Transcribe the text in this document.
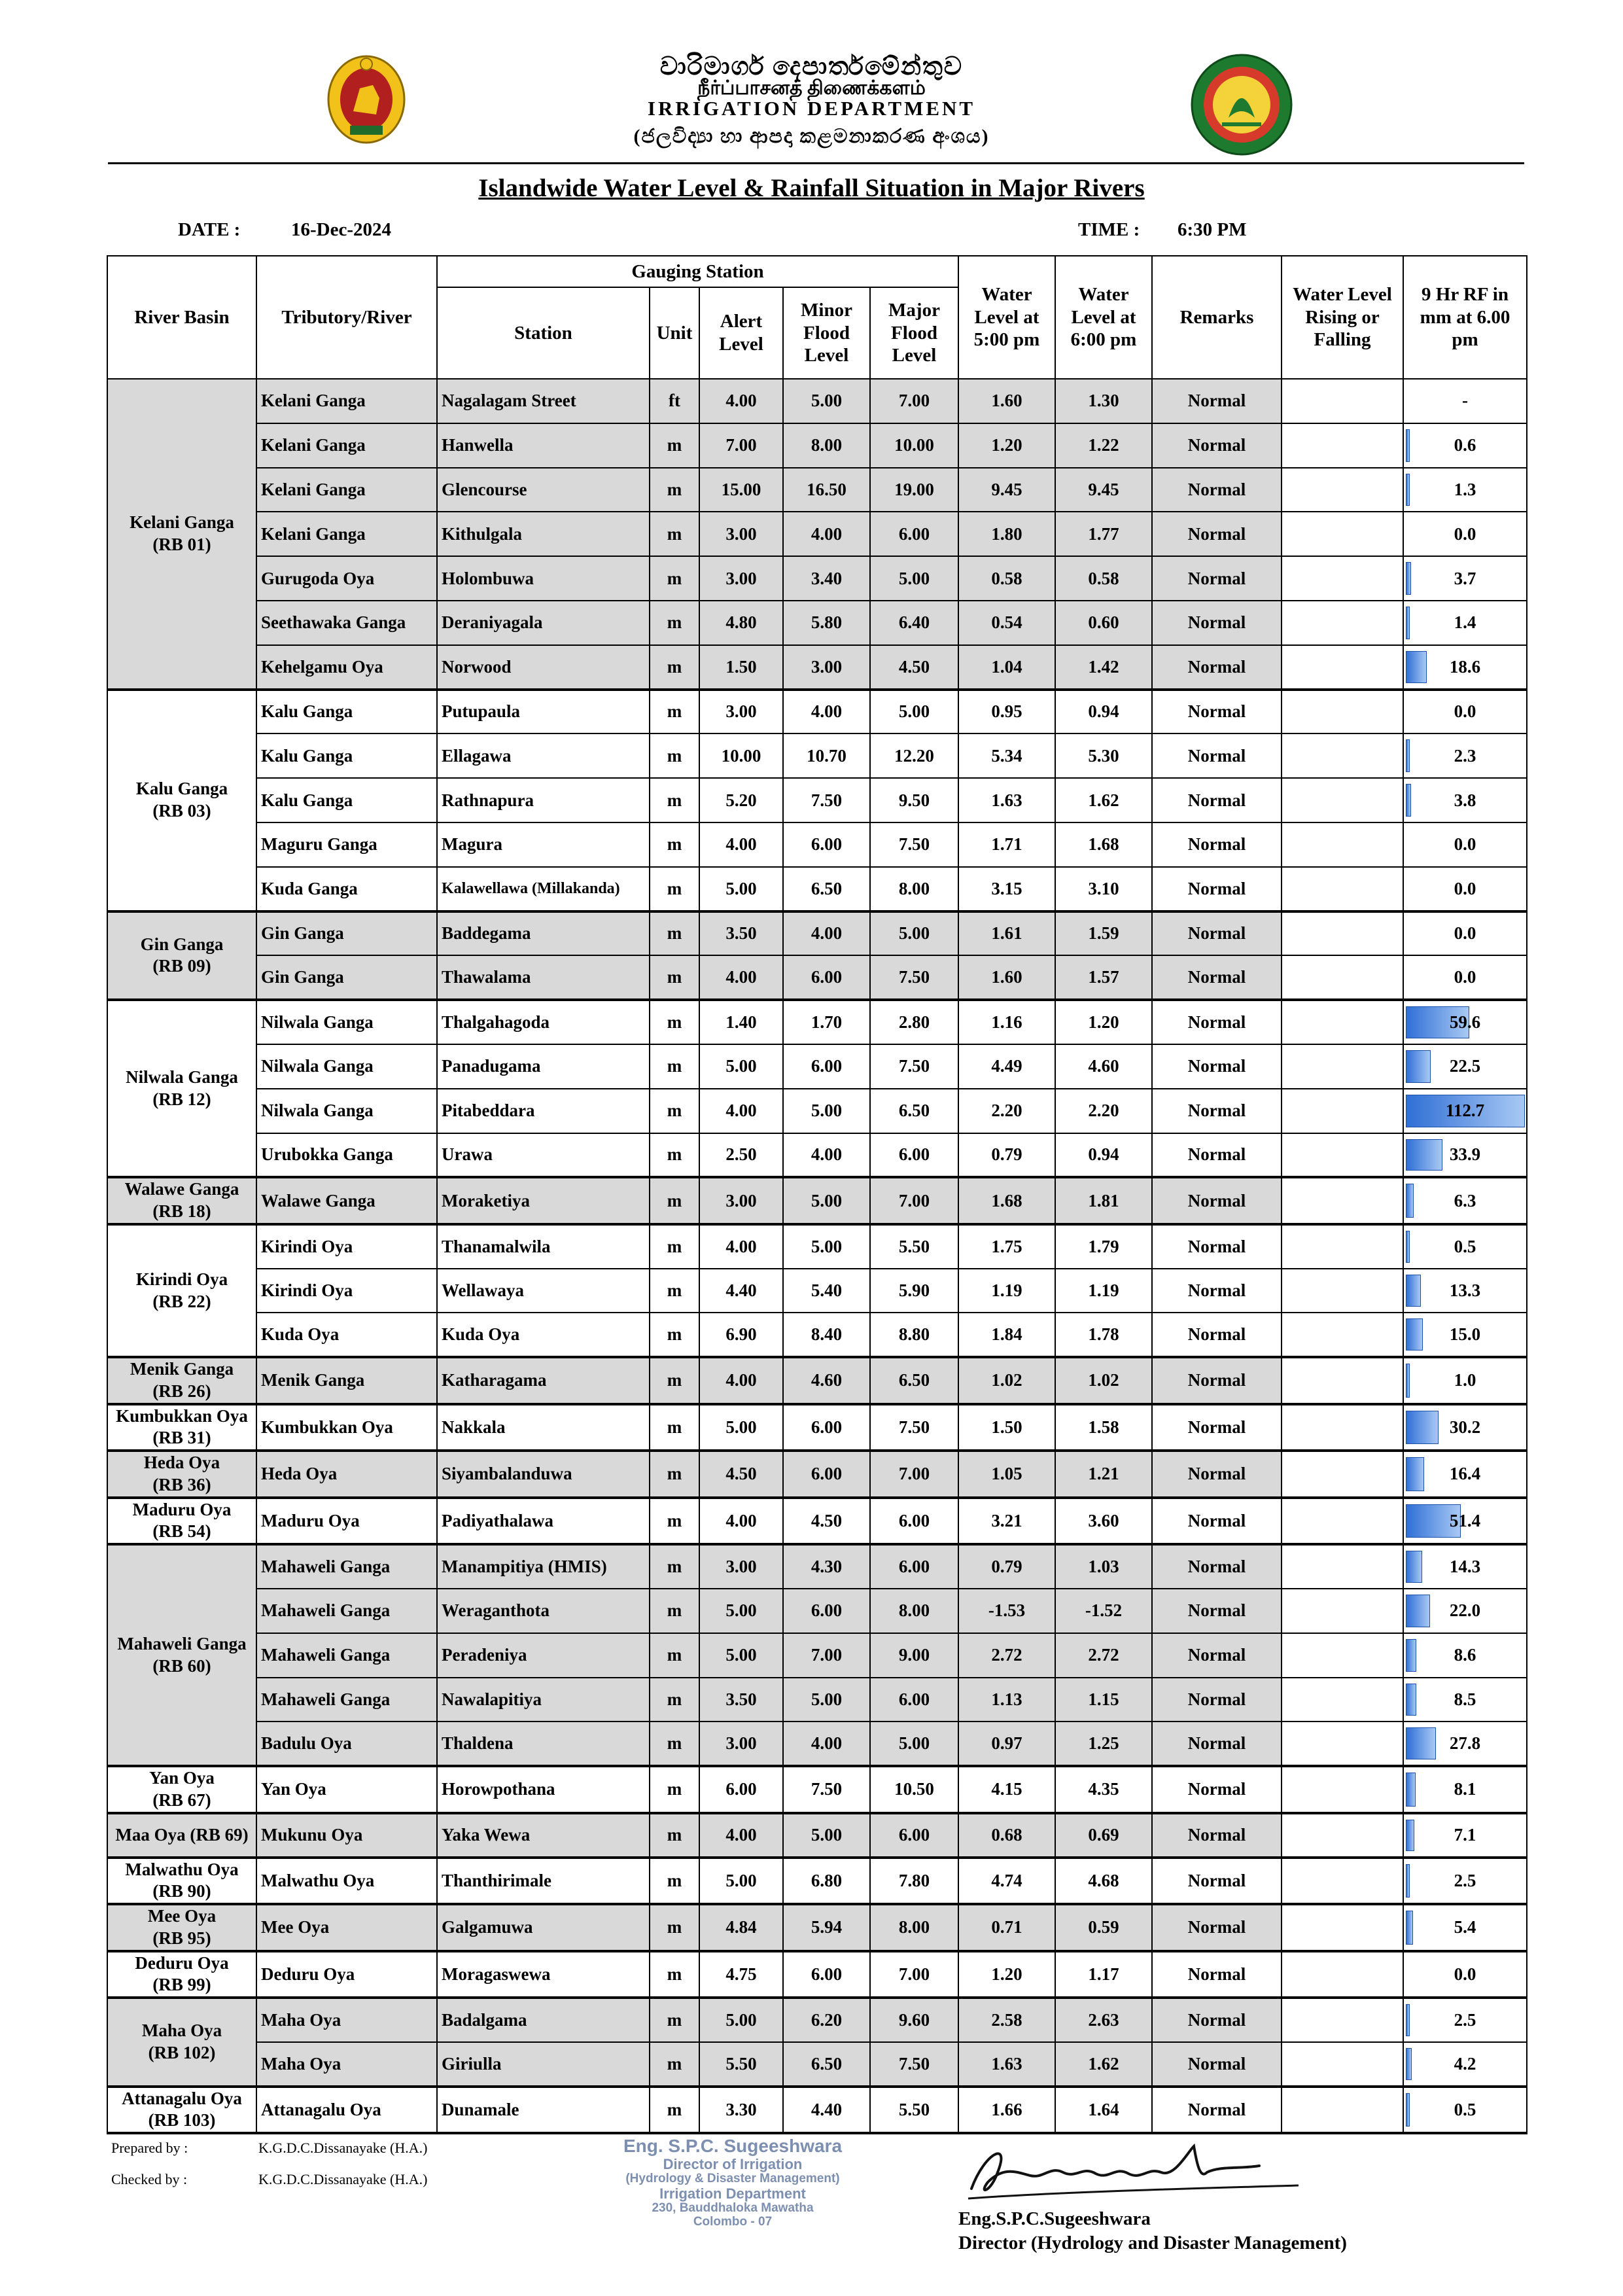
වාරිමාර්ග දෙපාර්තමේන්තුව
நீர்ப்பாசனத் திணைக்களம்
IRRIGATION DEPARTMENT
(ජලවිද්‍යා හා ආපදා කළමනාකරණ අංශය)
Islandwide Water Level & Rainfall Situation in Major Rivers
DATE :	16-Dec-2024	TIME : 6:30 PM
River Basin	Tributory/River	Gauging Station					Water Level at 5:00 pm	Water Level at 6:00 pm	Remarks	Water Level Rising or Falling	9 Hr RF in mm at 6.00 pm
		Station	Unit	Alert Level	Minor Flood Level	Major Flood Level					

Kelani Ganga
(RB 01)	Kelani Ganga	Nagalagam Street	ft	4.00	5.00	7.00	1.60	1.30	Normal		-
	Kelani Ganga	Hanwella	m	7.00	8.00	10.00	1.20	1.22	Normal		0.6
	Kelani Ganga	Glencourse	m	15.00	16.50	19.00	9.45	9.45	Normal		1.3
	Kelani Ganga	Kithulgala	m	3.00	4.00	6.00	1.80	1.77	Normal		0.0
	Gurugoda Oya	Holombuwa	m	3.00	3.40	5.00	0.58	0.58	Normal		3.7
	Seethawaka Ganga	Deraniyagala	m	4.80	5.80	6.40	0.54	0.60	Normal		1.4
	Kehelgamu Oya	Norwood	m	1.50	3.00	4.50	1.04	1.42	Normal		18.6

Kalu Ganga
(RB 03)	Kalu Ganga	Putupaula	m	3.00	4.00	5.00	0.95	0.94	Normal		0.0
	Kalu Ganga	Ellagawa	m	10.00	10.70	12.20	5.34	5.30	Normal		2.3
	Kalu Ganga	Rathnapura	m	5.20	7.50	9.50	1.63	1.62	Normal		3.8
	Maguru Ganga	Magura	m	4.00	6.00	7.50	1.71	1.68	Normal		0.0
	Kuda Ganga	Kalawellawa (Millakanda)	m	5.00	6.50	8.00	3.15	3.10	Normal		0.0

Gin Ganga
(RB 09)	Gin Ganga	Baddegama	m	3.50	4.00	5.00	1.61	1.59	Normal		0.0
	Gin Ganga	Thawalama	m	4.00	6.00	7.50	1.60	1.57	Normal		0.0

Nilwala Ganga
(RB 12)	Nilwala Ganga	Thalgahagoda	m	1.40	1.70	2.80	1.16	1.20	Normal		59.6
	Nilwala Ganga	Panadugama	m	5.00	6.00	7.50	4.49	4.60	Normal		22.5
	Nilwala Ganga	Pitabeddara	m	4.00	5.00	6.50	2.20	2.20	Normal		112.7
	Urubokka Ganga	Urawa	m	2.50	4.00	6.00	0.79	0.94	Normal		33.9

Walawe Ganga
(RB 18)	Walawe Ganga	Moraketiya	m	3.00	5.00	7.00	1.68	1.81	Normal		6.3

Kirindi Oya
(RB 22)	Kirindi Oya	Thanamalwila	m	4.00	5.00	5.50	1.75	1.79	Normal		0.5
	Kirindi Oya	Wellawaya	m	4.40	5.40	5.90	1.19	1.19	Normal		13.3
	Kuda Oya	Kuda Oya	m	6.90	8.40	8.80	1.84	1.78	Normal		15.0

Menik Ganga
(RB 26)	Menik Ganga	Katharagama	m	4.00	4.60	6.50	1.02	1.02	Normal		1.0

Kumbukkan Oya
(RB 31)	Kumbukkan Oya	Nakkala	m	5.00	6.00	7.50	1.50	1.58	Normal		30.2

Heda Oya
(RB 36)	Heda Oya	Siyambalanduwa	m	4.50	6.00	7.00	1.05	1.21	Normal		16.4

Maduru Oya
(RB 54)	Maduru Oya	Padiyathalawa	m	4.00	4.50	6.00	3.21	3.60	Normal		51.4

Mahaweli Ganga
(RB 60)	Mahaweli Ganga	Manampitiya (HMIS)	m	3.00	4.30	6.00	0.79	1.03	Normal		14.3
	Mahaweli Ganga	Weraganthota	m	5.00	6.00	8.00	-1.53	-1.52	Normal		22.0
	Mahaweli Ganga	Peradeniya	m	5.00	7.00	9.00	2.72	2.72	Normal		8.6
	Mahaweli Ganga	Nawalapitiya	m	3.50	5.00	6.00	1.13	1.15	Normal		8.5
	Badulu Oya	Thaldena	m	3.00	4.00	5.00	0.97	1.25	Normal		27.8

Yan Oya
(RB 67)	Yan Oya	Horowpothana	m	6.00	7.50	10.50	4.15	4.35	Normal		8.1

Maa Oya (RB 69)	Mukunu Oya	Yaka Wewa	m	4.00	5.00	6.00	0.68	0.69	Normal		7.1

Malwathu Oya
(RB 90)	Malwathu Oya	Thanthirimale	m	5.00	6.80	7.80	4.74	4.68	Normal		2.5

Mee Oya
(RB 95)	Mee Oya	Galgamuwa	m	4.84	5.94	8.00	0.71	0.59	Normal		5.4

Deduru Oya
(RB 99)	Deduru Oya	Moragaswewa	m	4.75	6.00	7.00	1.20	1.17	Normal		0.0

Maha Oya
(RB 102)	Maha Oya	Badalgama	m	5.00	6.20	9.60	2.58	2.63	Normal		2.5
	Maha Oya	Giriulla	m	5.50	6.50	7.50	1.63	1.62	Normal		4.2

Attanagalu Oya
(RB 103)	Attanagalu Oya	Dunamale	m	3.30	4.40	5.50	1.66	1.64	Normal		0.5
Prepared by :	K.G.D.C.Dissanayake (H.A.)
Checked by :	K.G.D.C.Dissanayake (H.A.)
Eng. S.P.C. Sugeeshwara
Director of Irrigation
(Hydrology & Disaster Management)
Irrigation Department
230, Bauddhaloka Mawatha
Colombo - 07	Eng.S.P.C.Sugeeshwara
Director (Hydrology and Disaster Management)
